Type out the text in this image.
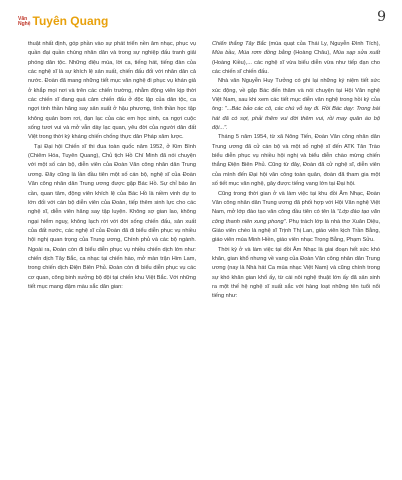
Văn
Nghệ Tuyên Quang	9

thuật nhất định, góp phần vào sự phát triển nền âm nhạc, phục vụ quần đại quần chúng nhân dân và trong sự nghiệp đấu tranh giải phóng dân tộc. Những điệu múa, lời ca, tiếng hát, tiếng đàn của các nghệ sĩ là sự khích lệ sản xuất, chiến đấu đối với nhân dân cả nước. Đoàn đã mang những tiết mục văn nghệ đi phục vụ khán giả ở khắp mọi nơi và trên các chiến trường, nhằm động viên kịp thời các chiến sĩ đang quá cảm chiến đấu ở độc lập của dân tộc, ca ngợi tinh thần hăng say sản xuất ở hậu phương, tình thần học tập không quản bom rơi, đạn lạc của các em học sinh, ca ngợi cuộc sống tươi vui và mở vẫn dày lạc quan, yêu đời của người dân đất Việt trong thời kỳ kháng chiến chống thực dân Pháp xâm lược.

Tại Đại hội Chiến sĩ thi đua toàn quốc năm 1952, ở Kim Bình (Chiêm Hóa, Tuyên Quang), Chủ tịch Hồ Chí Minh đã nói chuyện với một số cán bộ, diễn viên của Đoàn Văn công nhân dân Trung ương. Đây cũng là lần đầu tiên một số cán bộ, nghệ sĩ của Đoàn Văn công nhân dân Trung ương được gặp Bác Hồ. Sự chỉ bảo ân cần, quan tâm, động viên khích lệ của Bác Hồ là niềm vinh dự to lớn đối với cán bộ diễn viên của Đoàn, tiếp thêm sinh lực cho các nghệ sĩ, diễn viên hăng say tập luyện. Không sợ gian lao, không ngại hiểm nguy, không lạch rời với đời sống chiến đấu, sản xuất của đất nước, các nghệ sĩ của Đoàn đã đi biểu diễn phục vụ nhiều hội nghị quan trọng của Trung ương, Chính phủ và các bộ ngành. Ngoài ra, Đoàn còn đi biểu diễn phục vụ nhiều chiến dịch lớn như: chiến dịch Tây Bắc, ca nhạc tại chiến hào, mở màn trận Him Lam, trong chiến dịch Điện Biên Phủ. Đoàn còn đi biểu diễn phục vụ các cơ quan, công binh xưởng bộ đội tại chiến khu Việt Bắc. Với những tiết mục mang đậm màu sắc dân gian:

Chiến thắng Tây Bắc (múa quạt của Thái Ly, Nguyễn Đình Tích), Múa bầu, Múa rơm đồng bằng (Hoàng Châu), Múa sạp sửa xuất (Hoàng Kiều),... các nghệ sĩ vừa biểu diễn vừa như tiếp đạn cho các chiến sĩ chiến đấu.

Nhà văn Nguyễn Huy Tưởng có ghi lại những ký niệm tiết sức xúc động, về gặp Bác đến thăm và nói chuyện tại Hội Văn nghệ Việt Nam, sau khi xem các tiết mục diễn văn nghệ trong hồi ký của ông: "...Bác bảo các cô, các chú vỗ tay đi. Rồi Bác dạy: Trong bài hát đã có sợi, phải thêm vui đời thêm vui, rồi may quân áo bộ đội...".

Tháng 5 năm 1954, từ xã Nông Tiến, Đoàn Văn công nhân dân Trung ương đã cử cán bộ và một số nghệ sĩ đến ATK Tân Trào biểu diễn phục vụ nhiều hội nghị và biểu diễn chào mừng chiến thắng Điện Biên Phủ. Cũng từ đây, Đoàn đã cử nghệ sĩ, diễn viên của mình đến Đại hội văn công toàn quân, đoàn đã tham gia một số tiết mục văn nghệ, gây được tiếng vang lớn tại Đại hội.

Cũng trong thời gian ở và làm việc tại khu đồi Âm Nhạc, Đoàn Văn công nhân dân Trung ương đã phối hợp với Hội Văn nghệ Việt Nam, mở lớp đào tạo văn công đầu tiên có tên là "Lớp đào tạo văn công thanh niên xung phong". Phụ trách lớp là nhà thơ Xuân Diệu, Giáo viên chèo là nghệ sĩ Trịnh Thị Lan, giáo viên kịch Trần Bằng, giáo viên múa Minh Hiền, giáo viên nhạc Trọng Bằng, Phạm Sửu.

Thời kỳ ở và làm việc tại đồi Âm Nhạc là giai đoạn hết sức khó khăn, gian khổ nhưng về vang của Đoàn Văn công nhân dân Trung ương (nay là Nhà hát Ca múa nhạc Việt Nam) và cũng chính trong sự khó khăn gian khổ ấy, từ cái nôi nghệ thuật lớn ấy đã sản sinh ra một thế hệ nghệ sĩ xuất sắc với hàng loạt những tên tuổi nổi tiếng như:
